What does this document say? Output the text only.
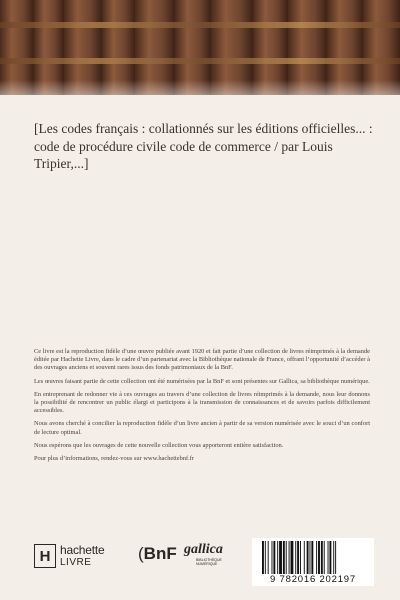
[Les codes français : collationnés sur les éditions officielles... : code de procédure civile code de commerce / par Louis Tripier,...]

Ce livre est la reproduction fidèle d’une œuvre publiée avant 1920 et fait partie d’une collection de livres réimprimés à la demande éditée par Hachette Livre, dans le cadre d’un partenariat avec la Bibliothèque nationale de France, offrant l’opportunité d’accéder à des ouvrages anciens et souvent rares issus des fonds patrimoniaux de la BnF.

Les œuvres faisant partie de cette collection ont été numérisées par la BnF et sont présentes sur Gallica, sa bibliothèque numérique.

En entreprenant de redonner vie à ces ouvrages au travers d’une collection de livres réimprimés à la demande, nous leur donnons la possibilité de rencontrer un public élargi et participons à la transmission de connaissances et de savoirs parfois difficilement accessibles.

Nous avons cherché à concilier la reproduction fidèle d’un livre ancien à partir de sa version numérisée avec le souci d’un confort de lecture optimal.

Nous espérons que les ouvrages de cette nouvelle collection vous apporteront entière satisfaction.

Pour plus d’informations, rendez-vous sur www.hachettebnf.fr

H hachette
LIVRE	(BnF gallica
BIBLIOTHÈQUE NUMÉRIQUE
9 782016 202197
